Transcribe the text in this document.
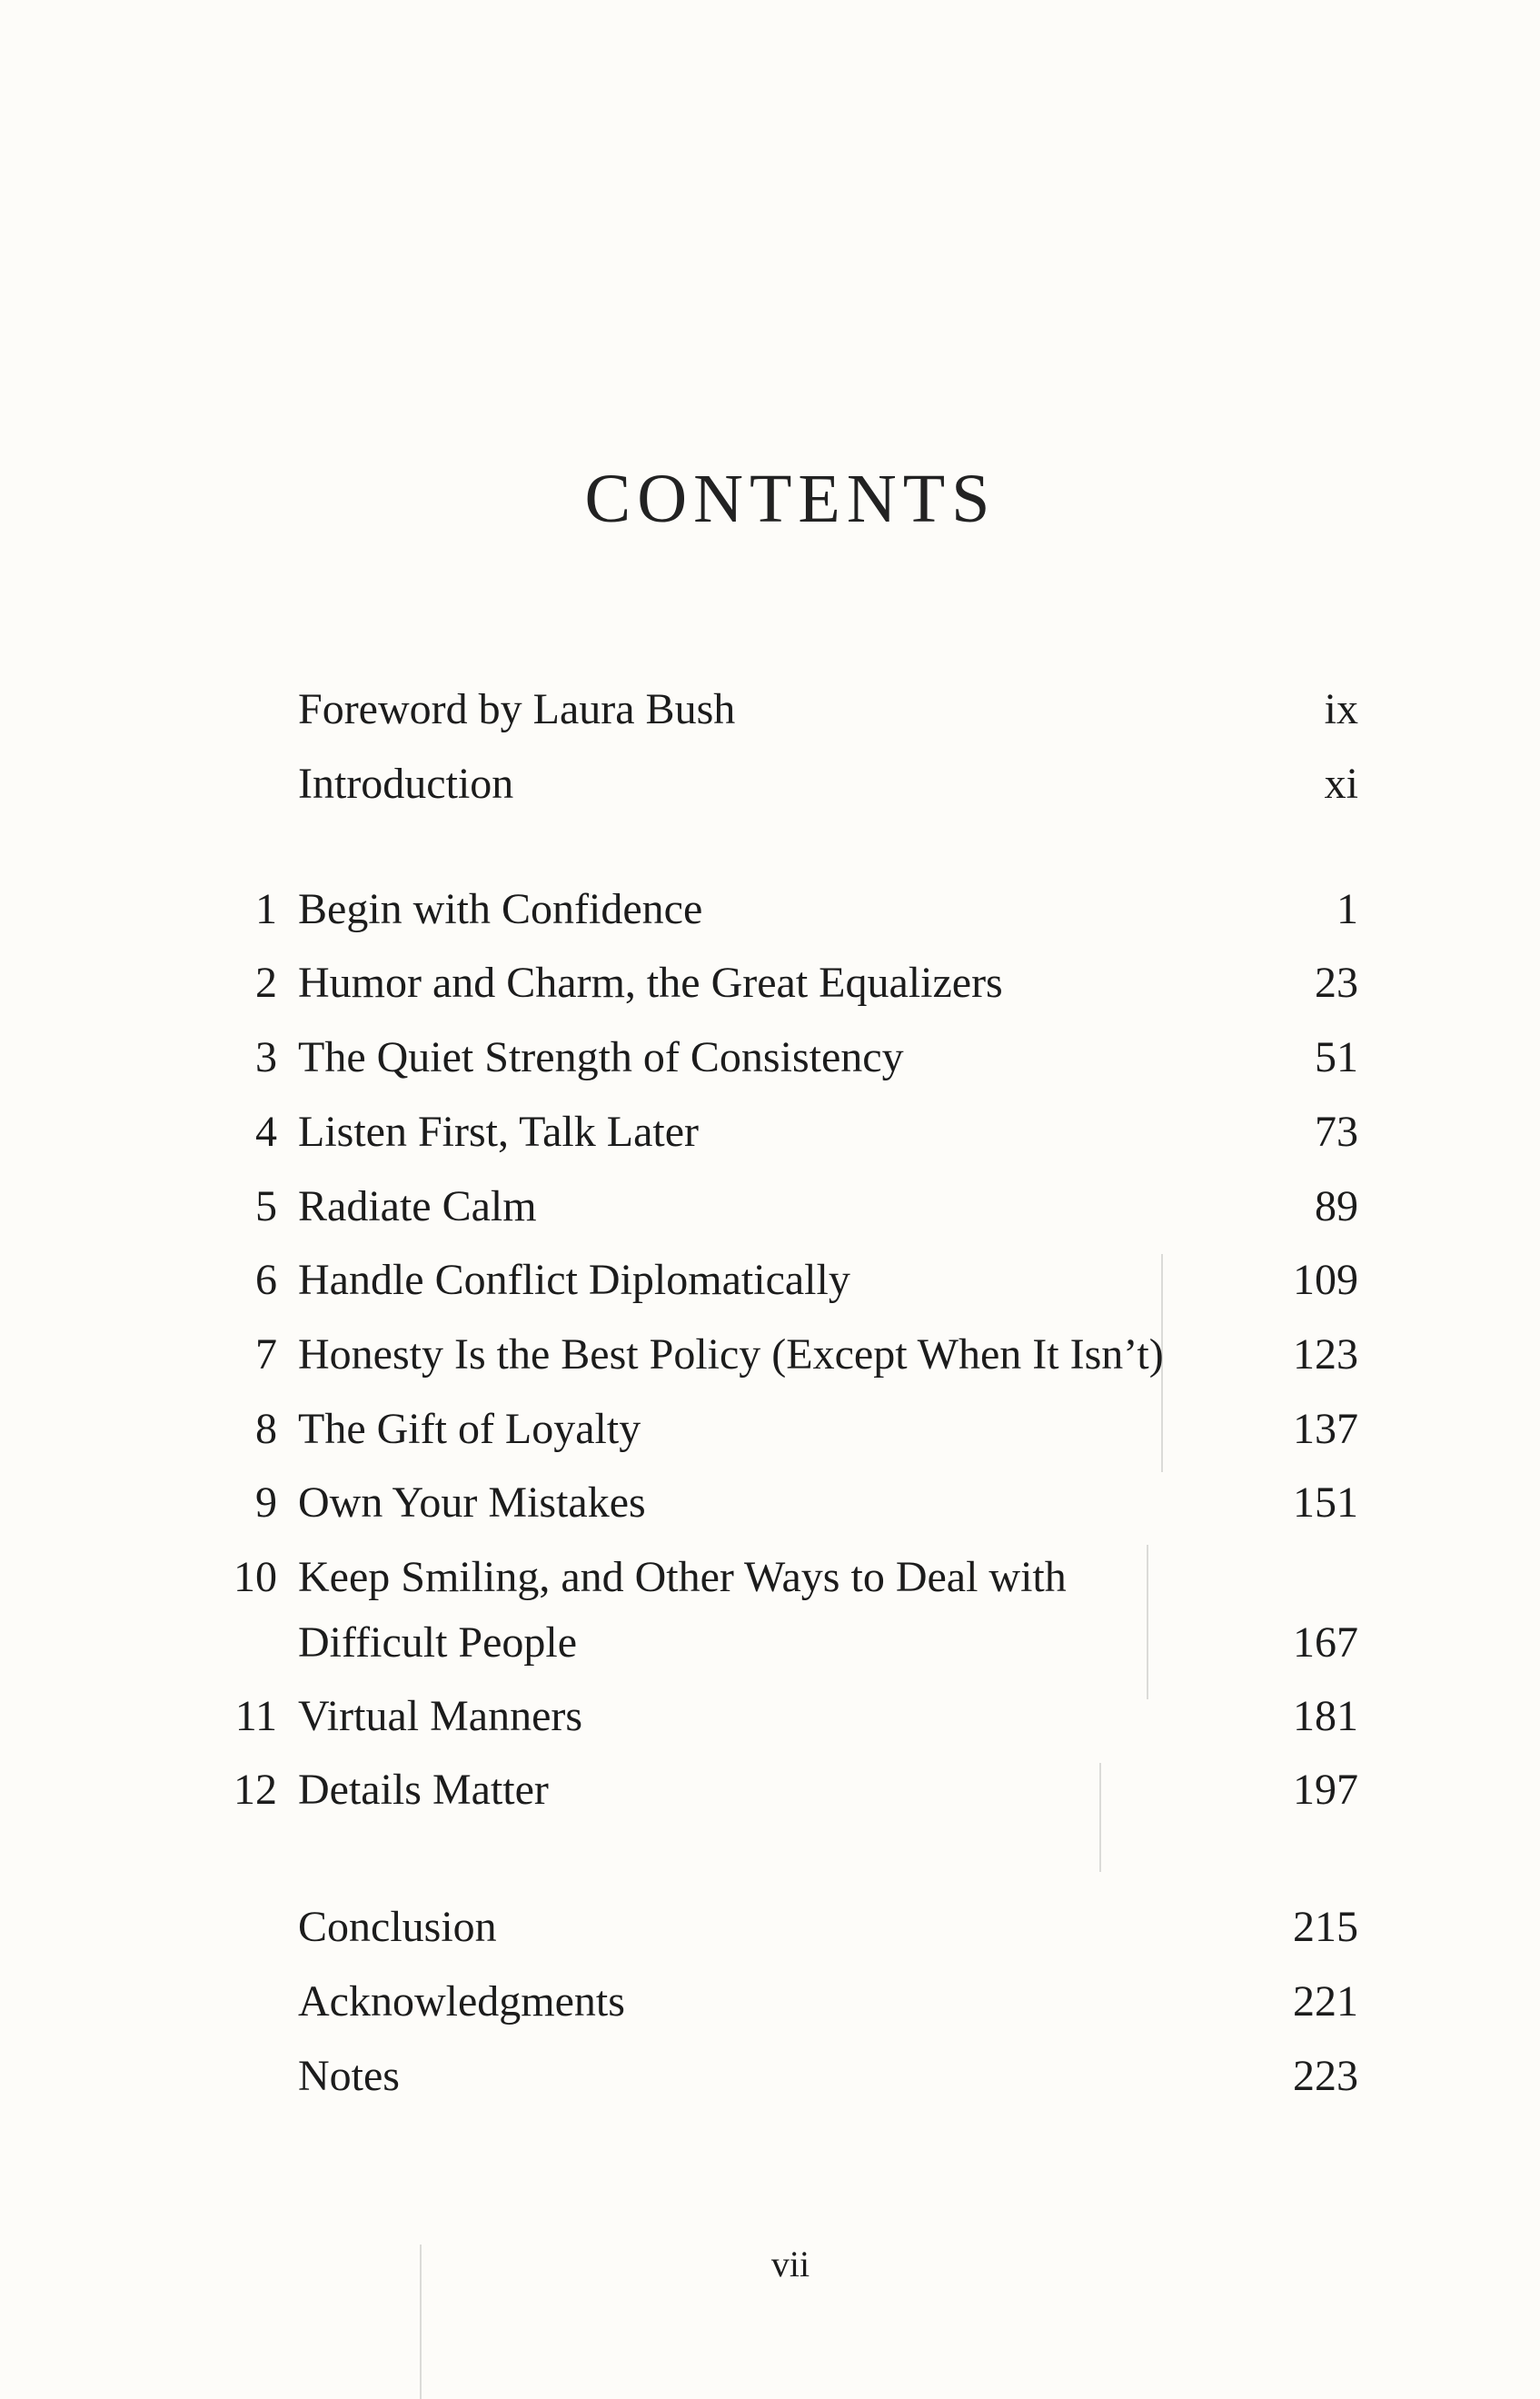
CONTENTS
Foreword by Laura Bush	ix
Introduction	xi
1 Begin with Confidence	1
2 Humor and Charm, the Great Equalizers	23
3 The Quiet Strength of Consistency	51
4 Listen First, Talk Later	73
5 Radiate Calm	89
6 Handle Conflict Diplomatically	109
7 Honesty Is the Best Policy (Except When It Isn’t)	123
8 The Gift of Loyalty	137
9 Own Your Mistakes	151
10 Keep Smiling, and Other Ways to Deal with
Difficult People	167
11 Virtual Manners	181
12 Details Matter	197
Conclusion	215
Acknowledgments	221
Notes	223
vii
